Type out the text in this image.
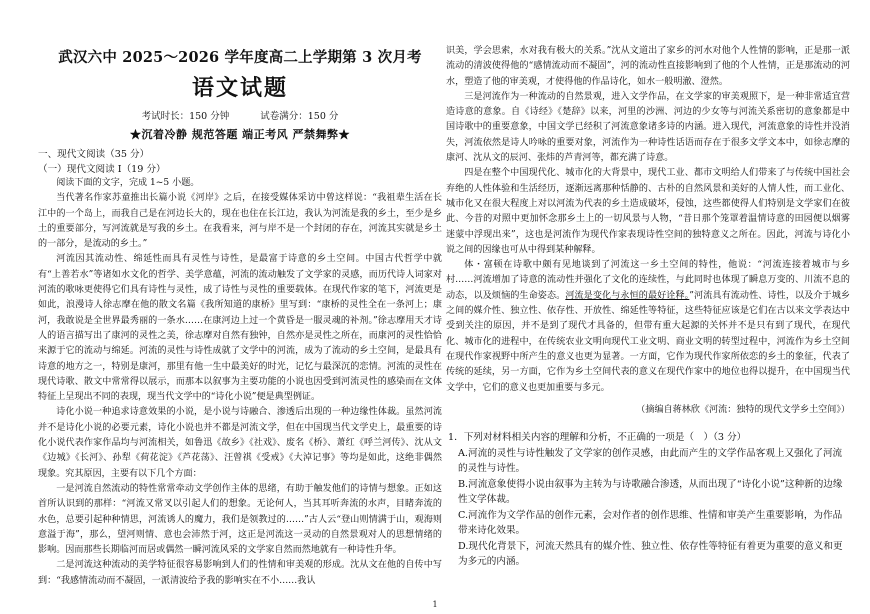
武汉六中 2025～2026 学年度高二上学期第 3 次月考
语文试题
考试时长：150 分钟	试卷满分：150 分
★沉着冷静 规范答题 端正考风 严禁舞弊★
一、现代文阅读（35 分）
（一）现代文阅读 I（19 分）

阅读下面的文字，完成 1~5 小题。

当代著名作家苏童推出长篇小说《河岸》之后，在接受媒体采访中曾这样说：“我祖辈生活在长江中的一个岛上，而我自己是在河边长大的，现在也住在长江边，我认为河流是我的乡土，至少是乡土的重要部分，写河流就是写我的乡土。在我看来，河与岸不是一个封闭的存在，河流其实就是乡土的一部分，是流动的乡土。”

河流因其流动性、绵延性而具有灵性与诗性，是最富于诗意的乡土空间。中国古代哲学中就有“上善若水”等诸如水文化的哲学、美学意蕴，河流的流动触发了文学家的灵感，而历代诗人词家对河流的歌咏更使得它们具有诗性与灵性，成了诗性与灵性的重要载体。在现代作家的笔下，河流更是如此，浪漫诗人徐志摩在他的散文名篇《我所知道的康桥》里写到：“康桥的灵性全在一条河上；康河，我敢说是全世界最秀丽的一条水……在康河边上过一个黄昏是一服灵魂的补剂。”徐志摩用天才诗人的语言描写出了康河的灵性之美，徐志摩对自然有独钟，自然亦是灵性之所在，而康河的灵性恰恰来源于它的流动与绵延。河流的灵性与诗性成就了文学中的河流，成为了流动的乡土空间，是最具有诗意的地方之一，特别是康河，那里有他一生中最美好的时光，记忆与最深沉的恋情。河流的灵性在现代诗歌、散文中常常得以展示，而那本以叙事为主要功能的小说也因受到河流灵性的感染而在文体特征上呈现出不同的表现，现当代文学中的“诗化小说”便是典型例证。

诗化小说一种追求诗意效果的小说，是小说与诗融合、渗透后出现的一种边缘性体裁。虽然河流并不是诗化小说的必要元素，诗化小说也并不都是河流文学，但在中国现当代文学史上，最重要的诗化小说代表作家作品均与河流相关，如鲁迅《故乡》《社戏》、废名《桥》、萧红《呼兰河传》、沈从文《边城》《长河》、孙犁《荷花淀》《芦花荡》、汪曾祺《受戒》《大淖记事》等均是如此，这绝非偶然现象。究其原因，主要有以下几个方面：

一是河流自然流动的特性常常牵动文学创作主体的思绪，有助于触发他们的诗情与想象。正如这首所认识到的那样：“河流又常叉以引起人们的想象。无论何人，当其耳听奔流的水声，目睹奔流的水色，总要引起种种情思，河流诱人的魔力，我们是领教过的……”古人云“登山则情满于山，观海则意溢于海”，那么，望河则情、意也会沛然于河，这正是河流这一灵动的自然景观对人的思想情绪的影响。因而那些长期临河而居或偶然一瞬河流风采的文学家自然而然地就有一种诗性升华。

二是河流这种流动的美学特征很容易影响到人们的性情和审美观的形成。沈从文在他的自传中写到：“我感情流动而不凝固，一派清波给予我的影响实在不小……我认

识美，学会思索，水对我有极大的关系。”沈从文道出了家乡的河水对他个人性情的影响，正是那一派流动的清波使得他的“感情流动而不凝固”，河的流动性直接影响到了他的个人性情，正是那流动的河水，塑造了他的审美观，才使得他的作品诗化，如水一般明澈、澄然。

三是河流作为一种流动的自然景观，进入文学作品，在文学家的审美观照下，是一种非常适宜营造诗意的意象。自《诗经》《楚辞》以来，河里的沙洲、河边的少女等与河流关系密切的意象都是中国诗歌中的重要意象，中国文学已经积了河流意象诸多诗的内涵。进入现代，河流意象的诗性并没消失，河流依然是诗人吟咏的重要对象，河流作为一种诗性话语而存在于很多文学文本中，如徐志摩的康河、沈从文的辰河、张炜的芦青河等，都充满了诗意。

四是在整个中国现代化、城市化的大背景中，现代工业、都市文明给人们带来了与传统中国社会弃绝的人性体验和生活经历，逐渐远离那种恬静的、古朴的自然风景和美好的人情人性，而工业化、城市化又在很大程度上对以河流为代表的乡土造成破坏，侵蚀，这些都使得人们特别是文学家们在彼此、今昔的对照中更加怀念那乡土上的一切风景与人物，“昔日那个笼罩着温情诗意的田园便以烟雾迷蒙中浮现出来”，这也是河流作为现代作家表现诗性空间的独特意义之所在。因此，河流与诗化小说之间的因缘也可从中得到某种解释。

体・富顿在诗歌中颇有见地谈到了河流这一乡土空间的特性，他说：“河流连接着城市与乡村……河流增加了诗意的流动性并强化了文化的连续性，与此同时也体现了瞬息万变的、川流不息的动态，以及烦恼的生命姿态。河流是变化与永恒的最好诠释。”河流具有流动性、诗性，以及介于城乡之间的媒介性、独立性、依存性、开放性、绵延性等特征，这些特征应该是它们在古以来文学表达中受到关注的原因，并不是到了现代才具备的，但带有重大起源的关怀并不是只有到了现代，在现代化、城市化的进程中，在传统农业文明向现代工业文明、商业文明的转型过程中，河流作为乡土空间在现代作家视野中所产生的意义也更为显著。一方面，它作为现代作家所依恋的乡土的象征，代表了传统的延续，另一方面，它作为乡土空间代表的意义在现代作家中的地位也得以提升，在中国现当代文学中，它们的意义也更加重要与多元。

（摘编自蒋林欣《河流：独特的现代文学乡土空间》）
1．下列对材料相关内容的理解和分析，不正确的一项是（　）（3 分）
A.河流的灵性与诗性触发了文学家的创作灵感，由此而产生的文学作品客观上又强化了河流的灵性与诗性。
B.河流意象使得小说由叙事为主转为与诗歌融合渗透，从而出现了“诗化小说”这种新的边缘性文学体裁。
C.河流作为文学作品的创作元素，会对作者的创作思维、性情和审美产生重要影响，为作品带来诗化效果。
D.现代化背景下，河流天然具有的媒介性、独立性、依存性等特征有着更为重要的意义和更为多元的内涵。
1
